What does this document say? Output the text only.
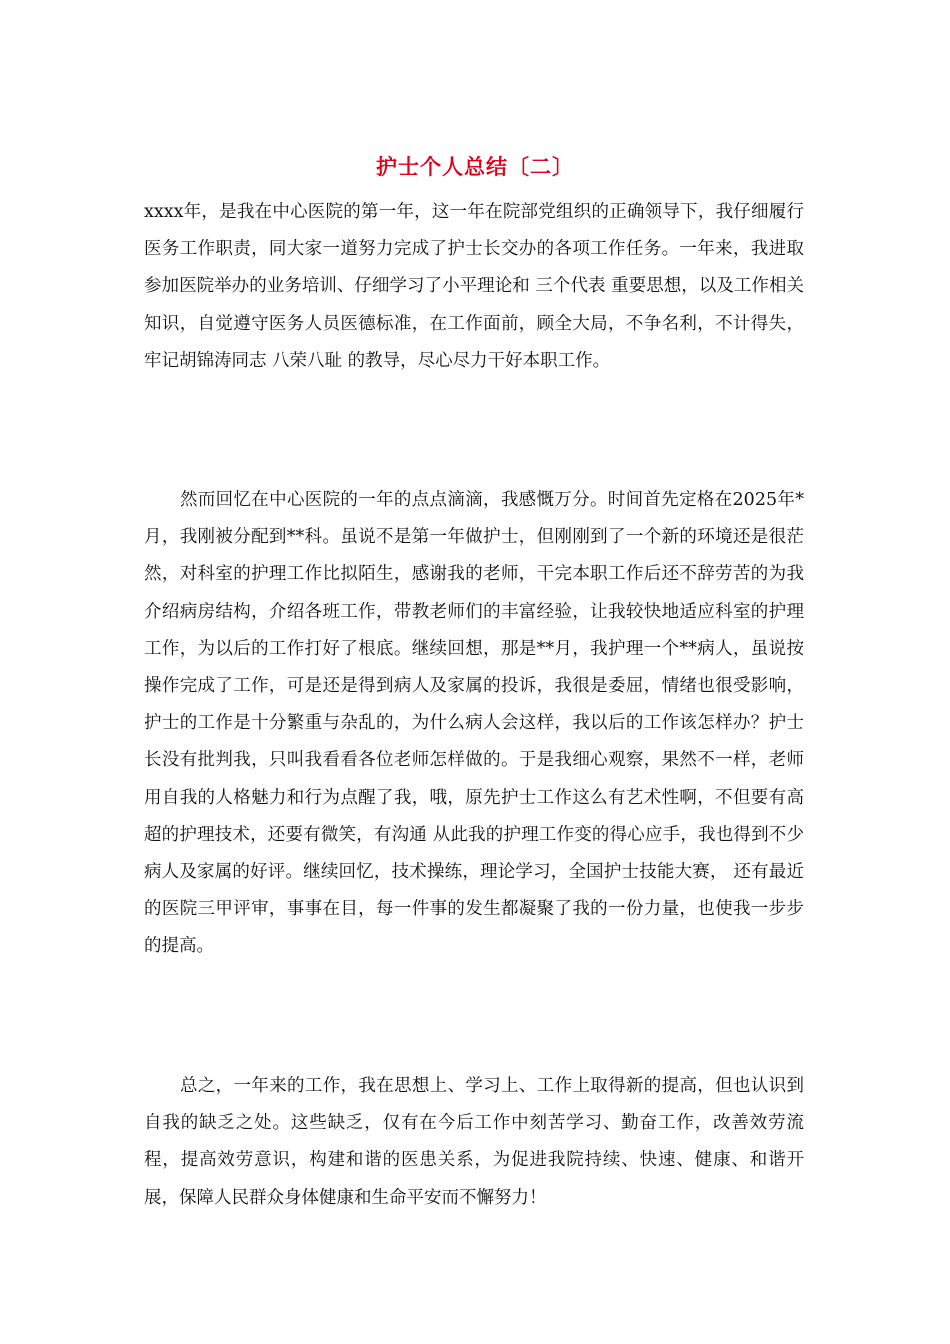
护士个人总结〔二〕

xxxx年，是我在中心医院的第一年，这一年在院部党组织的正确领导下，我仔细履行医务工作职责，同大家一道努力完成了护士长交办的各项工作任务。一年来，我进取参加医院举办的业务培训、仔细学习了小平理论和 三个代表 重要思想，以及工作相关知识，自觉遵守医务人员医德标准，在工作面前，顾全大局，不争名利，不计得失，牢记胡锦涛同志 八荣八耻 的教导，尽心尽力干好本职工作。

然而回忆在中心医院的一年的点点滴滴，我感慨万分。时间首先定格在2025年*月，我刚被分配到**科。虽说不是第一年做护士，但刚刚到了一个新的环境还是很茫然，对科室的护理工作比拟陌生，感谢我的老师，干完本职工作后还不辞劳苦的为我介绍病房结构，介绍各班工作，带教老师们的丰富经验，让我较快地适应科室的护理工作，为以后的工作打好了根底。继续回想，那是**月，我护理一个**病人，虽说按操作完成了工作，可是还是得到病人及家属的投诉，我很是委屈，情绪也很受影响，护士的工作是十分繁重与杂乱的，为什么病人会这样，我以后的工作该怎样办？护士长没有批判我，只叫我看看各位老师怎样做的。于是我细心观察，果然不一样，老师用自我的人格魅力和行为点醒了我，哦，原先护士工作这么有艺术性啊，不但要有高超的护理技术，还要有微笑，有沟通 从此我的护理工作变的得心应手，我也得到不少病人及家属的好评。继续回忆，技术操练，理论学习，全国护士技能大赛， 还有最近的医院三甲评审，事事在目，每一件事的发生都凝聚了我的一份力量，也使我一步步的提高。

总之，一年来的工作，我在思想上、学习上、工作上取得新的提高，但也认识到自我的缺乏之处。这些缺乏，仅有在今后工作中刻苦学习、勤奋工作，改善效劳流程，提高效劳意识，构建和谐的医患关系，为促进我院持续、快速、健康、和谐开展，保障人民群众身体健康和生命平安而不懈努力！
